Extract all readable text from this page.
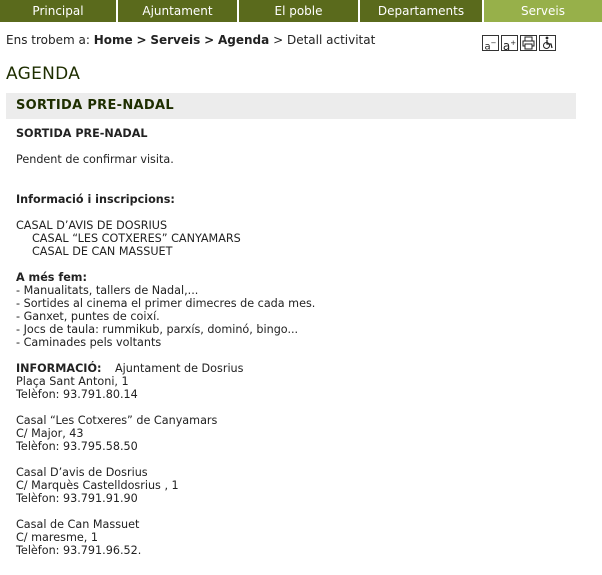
Principal	Ajuntament	El poble	Departaments	Serveis
Ens trobem a: Home > Serveis > Agenda > Detall activitat	a− a+
AGENDA
SORTIDA PRE-NADAL

SORTIDA PRE-NADAL

Pendent de confirmar visita.

Informació i inscripcions:

CASAL D’AVIS DE DOSRIUS

CASAL “LES COTXERES” CANYAMARS

CASAL DE CAN MASSUET

A més fem:

- Manualitats, tallers de Nadal,...

- Sortides al cinema el primer dimecres de cada mes.

- Ganxet, puntes de coixí.

- Jocs de taula: rummikub, parxís, dominó, bingo...

- Caminades pels voltants

INFORMACIÓ: Ajuntament de Dosrius

Plaça Sant Antoni, 1

Telèfon: 93.791.80.14

Casal “Les Cotxeres” de Canyamars

C/ Major, 43

Telèfon: 93.795.58.50

Casal D’avis de Dosrius

C/ Marquès Castelldosrius , 1

Telèfon: 93.791.91.90

Casal de Can Massuet

C/ maresme, 1

Telèfon: 93.791.96.52.
